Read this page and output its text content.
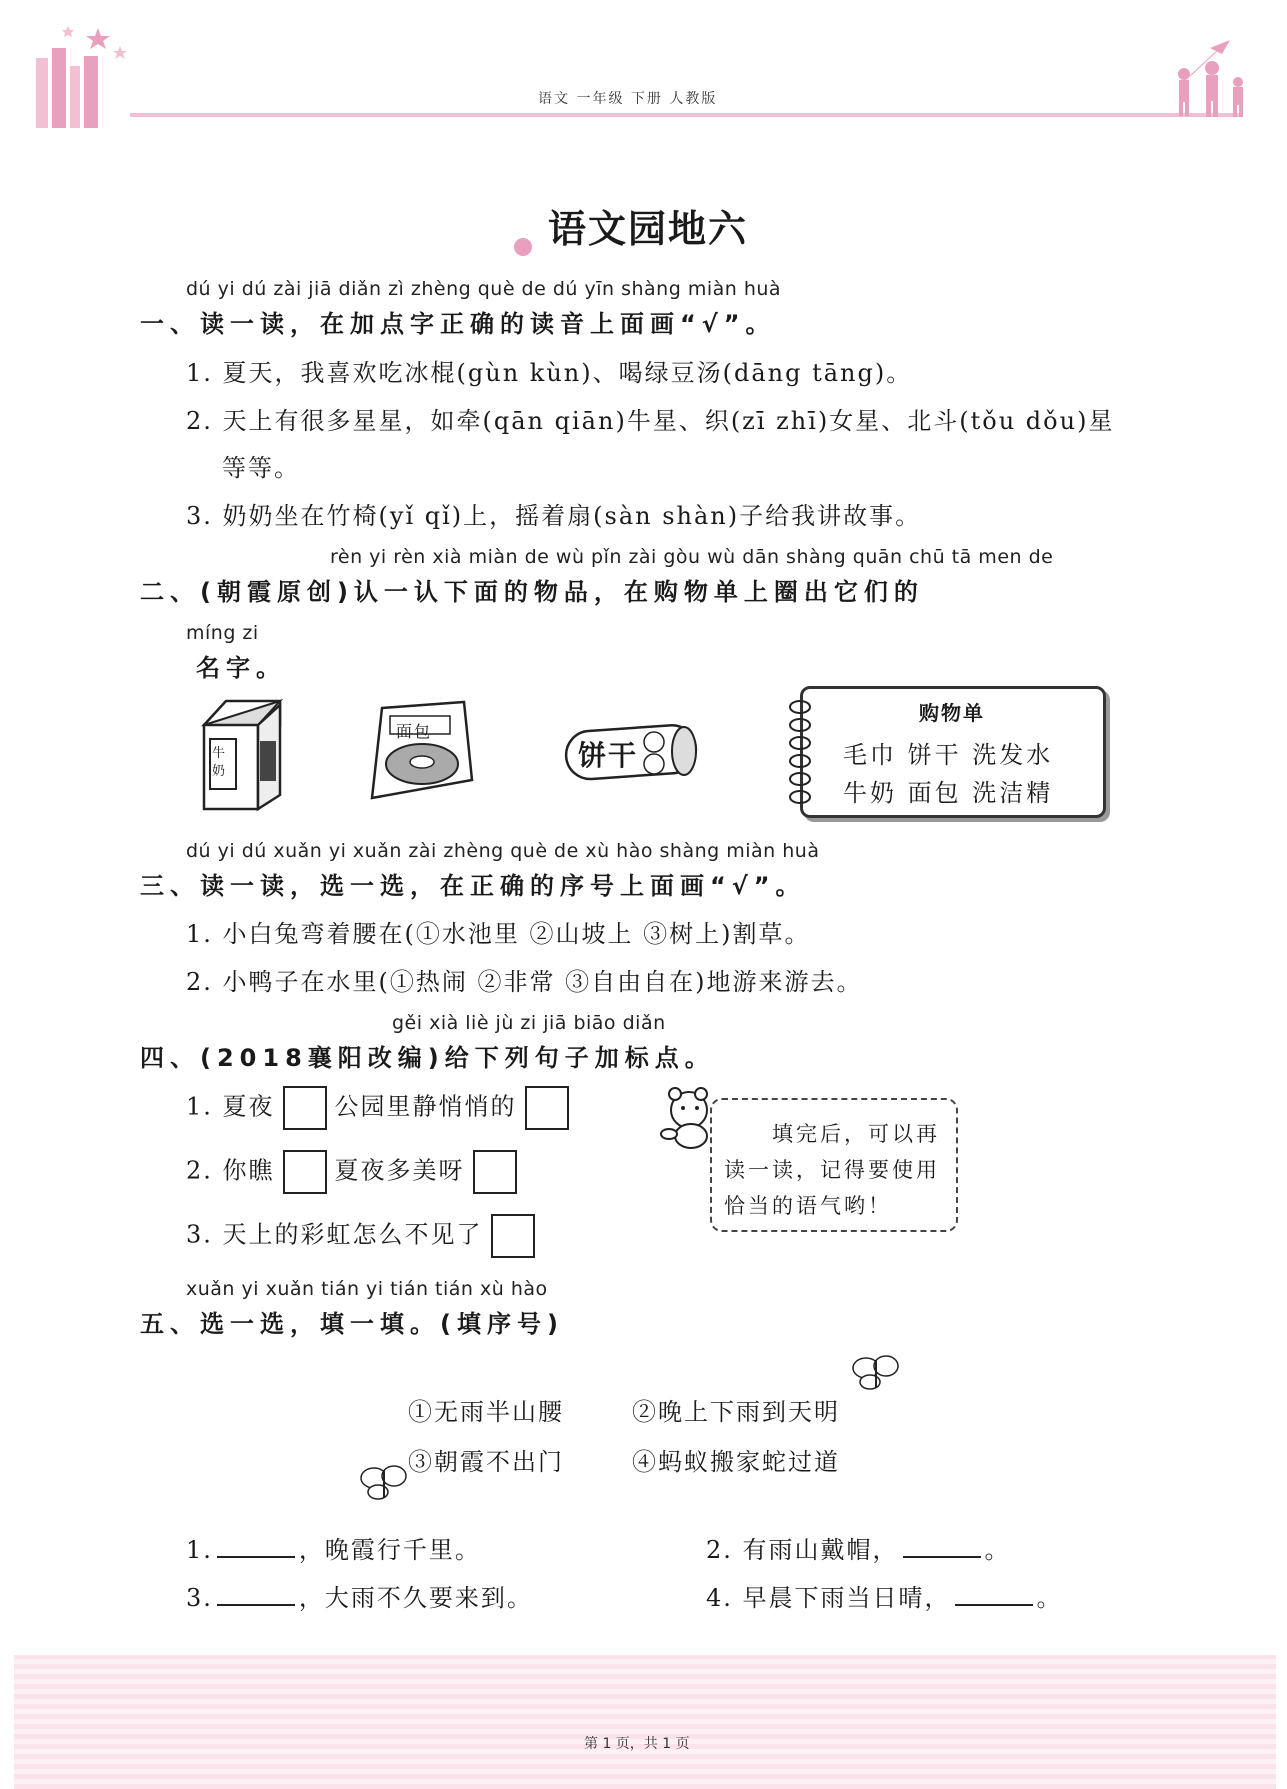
语文 一年级 下册 人教版
语文园地六
dú yi dú zài jiā diǎn zì zhèng què de dú yīn shàng miàn huà
一、读一读，在加点字正确的读音上面画“√”。
1. 夏天，我喜欢吃冰棍(gùn kùn)、喝绿豆汤(dāng tāng)。
2. 天上有很多星星，如牵(qān qiān)牛星、织(zī zhī)女星、北斗(tǒu dǒu)星
等等。
3. 奶奶坐在竹椅(yǐ qǐ)上，摇着扇(sàn shàn)子给我讲故事。
rèn yi rèn xià miàn de wù pǐn zài gòu wù dān shàng quān chū tā men de
二、(朝霞原创)认一认下面的物品，在购物单上圈出它们的
míng zi
名字。
牛奶
面包
饼干
购物单
毛巾 饼干 洗发水
牛奶 面包 洗洁精
dú yi dú xuǎn yi xuǎn zài zhèng què de xù hào shàng miàn huà
三、读一读，选一选，在正确的序号上面画“√”。
1. 小白兔弯着腰在(①水池里 ②山坡上 ③树上)割草。
2. 小鸭子在水里(①热闹 ②非常 ③自由自在)地游来游去。
gěi xià liè jù zi jiā biāo diǎn
四、(2018襄阳改编)给下列句子加标点。
1. 夏夜	公园里静悄悄的
2. 你瞧	夏夜多美呀
3. 天上的彩虹怎么不见了
填完后，可以再
读一读，记得要使用
恰当的语气哟！
xuǎn yi xuǎn tián yi tián tián xù hào
五、选一选，填一填。(填序号)
①无雨半山腰	②晚上下雨到天明
③朝霞不出门	④蚂蚁搬家蛇过道
1.	，晚霞行千里。	2. 有雨山戴帽，	。
3.	，大雨不久要来到。	4. 早晨下雨当日晴，	。
第 1 页，共 1 页
